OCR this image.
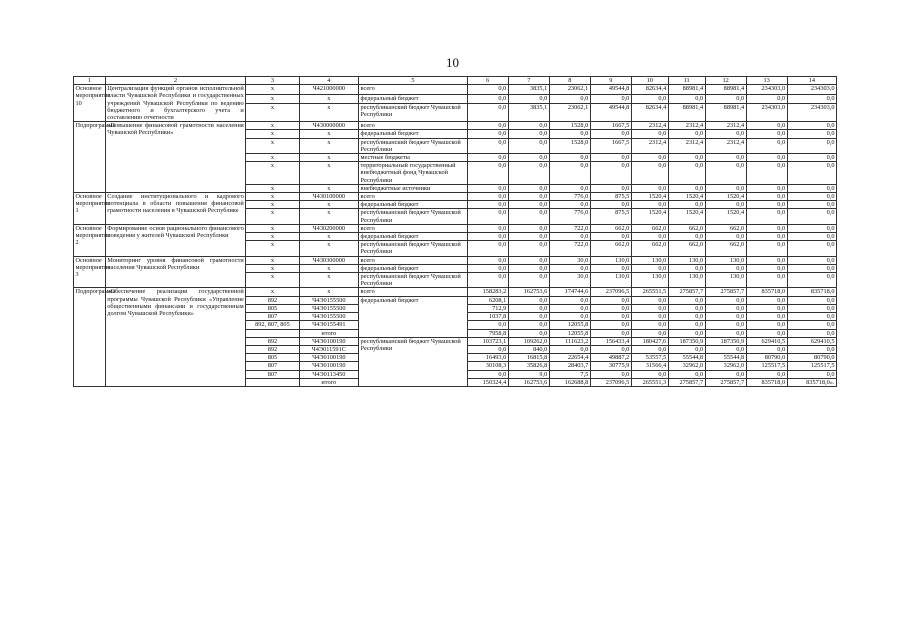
10
1	2	3	4	5	6	7	8	9	10	11	12	13	14
Основное мероприятие 10	Централизация функций органов исполнительной власти Чувашской Республики и государственных учреждений Чувашской Республики по ведению бюджетного и бухгалтерского учета и составлению отчетности	х	Ч421000000	всего	0,0	3835,1	23062,1	49544,8	82634,4	88981,4	88981,4	234303,0	234303,0
		х	х	федеральный бюджет	0,0	0,0	0,0	0,0	0,0	0,0	0,0	0,0	0,0
		х	х	республиканский бюджет Чувашской Республики	0,0	3835,1	23062,1	49544,8	82634,4	88981,4	88981,4	234303,0	234303,0
Подпрограмма	«Повышение финансовой грамотности населения Чувашской Республики»	х	Ч430000000	всего	0,0	0,0	1528,0	1667,5	2312,4	2312,4	2312,4	0,0	0,0
		х	х	федеральный бюджет	0,0	0,0	0,0	0,0	0,0	0,0	0,0	0,0	0,0
		х	х	республиканский бюджет Чувашской Республики	0,0	0,0	1528,0	1667,5	2312,4	2312,4	2312,4	0,0	0,0
		х	х	местные бюджеты	0,0	0,0	0,0	0,0	0,0	0,0	0,0	0,0	0,0
		х	х	территориальный государственный внебюджетный фонд Чувашской Республики	0,0	0,0	0,0	0,0	0,0	0,0	0,0	0,0	0,0
		х	х	внебюджетные источники	0,0	0,0	0,0	0,0	0,0	0,0	0,0	0,0	0,0
Основное мероприятие 1	Создание институционального и кадрового потенциала в области повышения финансовой грамотности населения в Чувашской Республике	х	Ч430100000	всего	0,0	0,0	776,0	875,5	1520,4	1520,4	1520,4	0,0	0,0
		х	х	федеральный бюджет	0,0	0,0	0,0	0,0	0,0	0,0	0,0	0,0	0,0
		х	х	республиканский бюджет Чувашской Республики	0,0	0,0	776,0	875,5	1520,4	1520,4	1520,4	0,0	0,0
Основное мероприятие 2	Формирование основ рационального финансового поведения у жителей Чувашской Республики	х	Ч430200000	всего	0,0	0,0	722,0	662,0	662,0	662,0	662,0	0,0	0,0
		х	х	федеральный бюджет	0,0	0,0	0,0	0,0	0,0	0,0	0,0	0,0	0,0
		х	х	республиканский бюджет Чувашской Республики	0,0	0,0	722,0	662,0	662,0	662,0	662,0	0,0	0,0
Основное мероприятие 3	Мониторинг уровня финансовой грамотности населения Чувашской Республики	х	Ч430300000	всего	0,0	0,0	30,0	130,0	130,0	130,0	130,0	0,0	0,0
		х	х	федеральный бюджет	0,0	0,0	0,0	0,0	0,0	0,0	0,0	0,0	0,0
		х	х	республиканский бюджет Чувашской Республики	0,0	0,0	30,0	130,0	130,0	130,0	130,0	0,0	0,0
Подпрограмма	«Обеспечение реализации государственной программы Чувашской Республики «Управление общественными финансами и государственным долгом Чувашской Республики»	х	х	всего	158283,2	162753,6	174744,6	237096,5	265551,5	275857,7	275857,7	835718,0	835718,0
		892	Ч4Э0155500	федеральный бюджет	6208,1	0,0	0,0	0,0	0,0	0,0	0,0	0,0	0,0
		805	Ч4Э0155500		712,9	0,0	0,0	0,0	0,0	0,0	0,0	0,0	0,0
		807	Ч4Э0155500		1037,8	0,0	0,0	0,0	0,0	0,0	0,0	0,0	0,0
		892, 807, 805	Ч4Э0155491		0,0	0,0	12055,8	0,0	0,0	0,0	0,0	0,0	0,0
			итого		7958,8	0,0	12055,8	0,0	0,0	0,0	0,0	0,0	0,0
		892	Ч4Э0100190	республиканский бюджет Чувашской Республики	103723,1	109262,0	111623,2	156433,4	180427,6	187350,9	187350,9	629410,5	629410,5
		892	Ч4Э011591С		0,0	840,0	0,0	0,0	0,0	0,0	0,0	0,0	0,0
		805	Ч4Э0100190		16493,0	16815,8	22654,4	49887,2	53557,5	55544,8	55544,8	80790,0	80790,0
		807	Ч4Э0100190		30108,3	35826,8	28403,7	30775,9	31566,4	32962,0	32962,0	125517,5	125517,5
		807	Ч4Э0113450		0,0	9,0	7,5	0,0	0,0	0,0	0,0	0,0	0,0
			итого		150324,4	162753,6	162688,8	237096,5	265551,3	275857,7	275857,7	835718,0	835718,0».
